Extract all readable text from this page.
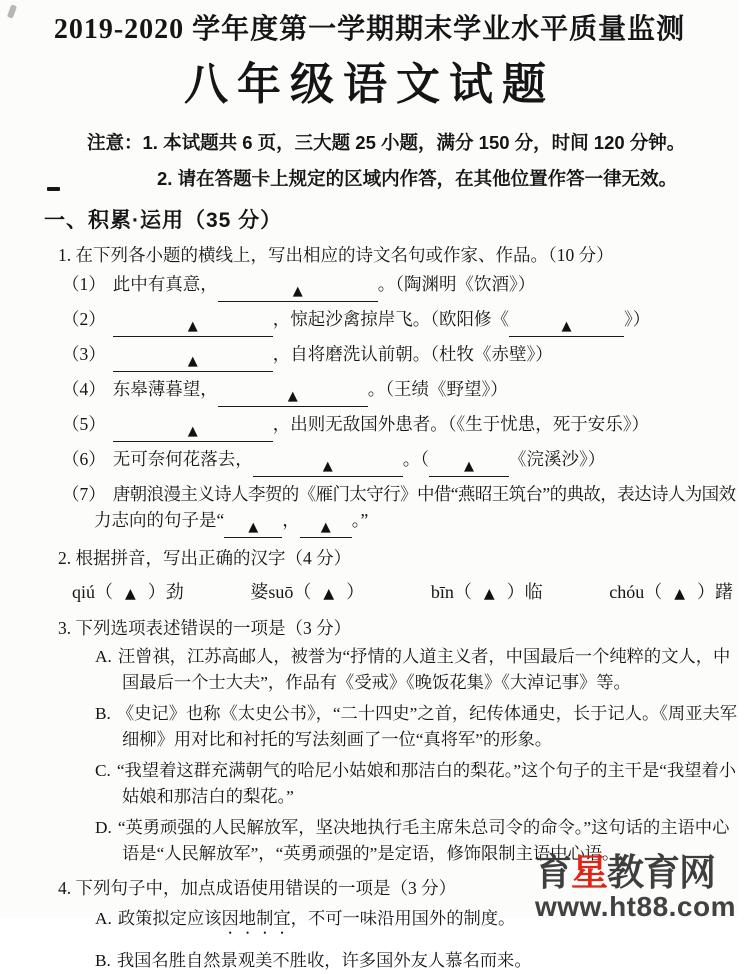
2019-2020 学年度第一学期期末学业水平质量监测
八年级语文试题
注意： 1. 本试题共 6 页，三大题 25 小题，满分 150 分，时间 120 分钟。
2. 请在答题卡上规定的区域内作答，在其他位置作答一律无效。
一、积累·运用（35 分）
1. 在下列各小题的横线上，写出相应的诗文名句或作家、作品。（10 分）
（1） 此中有真意，	▲	。（陶渊明《饮酒》）
（2）	▲	，惊起沙禽掠岸飞。（欧阳修《	▲	》）
（3）	▲	，自将磨洗认前朝。（杜牧《赤壁》）
（4） 东皋薄暮望，	▲	。（王绩《野望》）
（5）	▲	，出则无敌国外患者。（《生于忧患，死于安乐》）
（6） 无可奈何花落去，	▲	。（	▲ 《浣溪沙》）
（7） 唐朝浪漫主义诗人李贺的《雁门太守行》中借“燕昭王筑台”的典故，表达诗人为国效
力志向的句子是“ ▲ ， ▲ 。”
2. 根据拼音，写出正确的汉字（4 分）
qiú（ ▲ ）劲	婆suō（ ▲ ）	bīn（ ▲ ）临	chóu（ ▲ ）躇
3. 下列选项表述错误的一项是（3 分）
A. 汪曾祺，江苏高邮人，被誉为“抒情的人道主义者，中国最后一个纯粹的文人，中国最后一个士大夫”，作品有《受戒》《晚饭花集》《大淖记事》等。
B. 《史记》也称《太史公书》，“二十四史”之首，纪传体通史，长于记人。《周亚夫军细柳》用对比和衬托的写法刻画了一位“真将军”的形象。
C. “我望着这群充满朝气的哈尼小姑娘和那洁白的梨花。”这个句子的主干是“我望着小姑娘和那洁白的梨花。”
D. “英勇顽强的人民解放军，坚决地执行毛主席朱总司令的命令。”这句话的主语中心语是“人民解放军”，“英勇顽强的”是定语，修饰限制主语中心语。
4. 下列句子中，加点成语使用错误的一项是（3 分）
A. 政策拟定应该因地制宜，不可一味沿用国外的制度。
B. 我国名胜自然景观美不胜收，许多国外友人慕名而来。
育星教育网
www.ht88.com
